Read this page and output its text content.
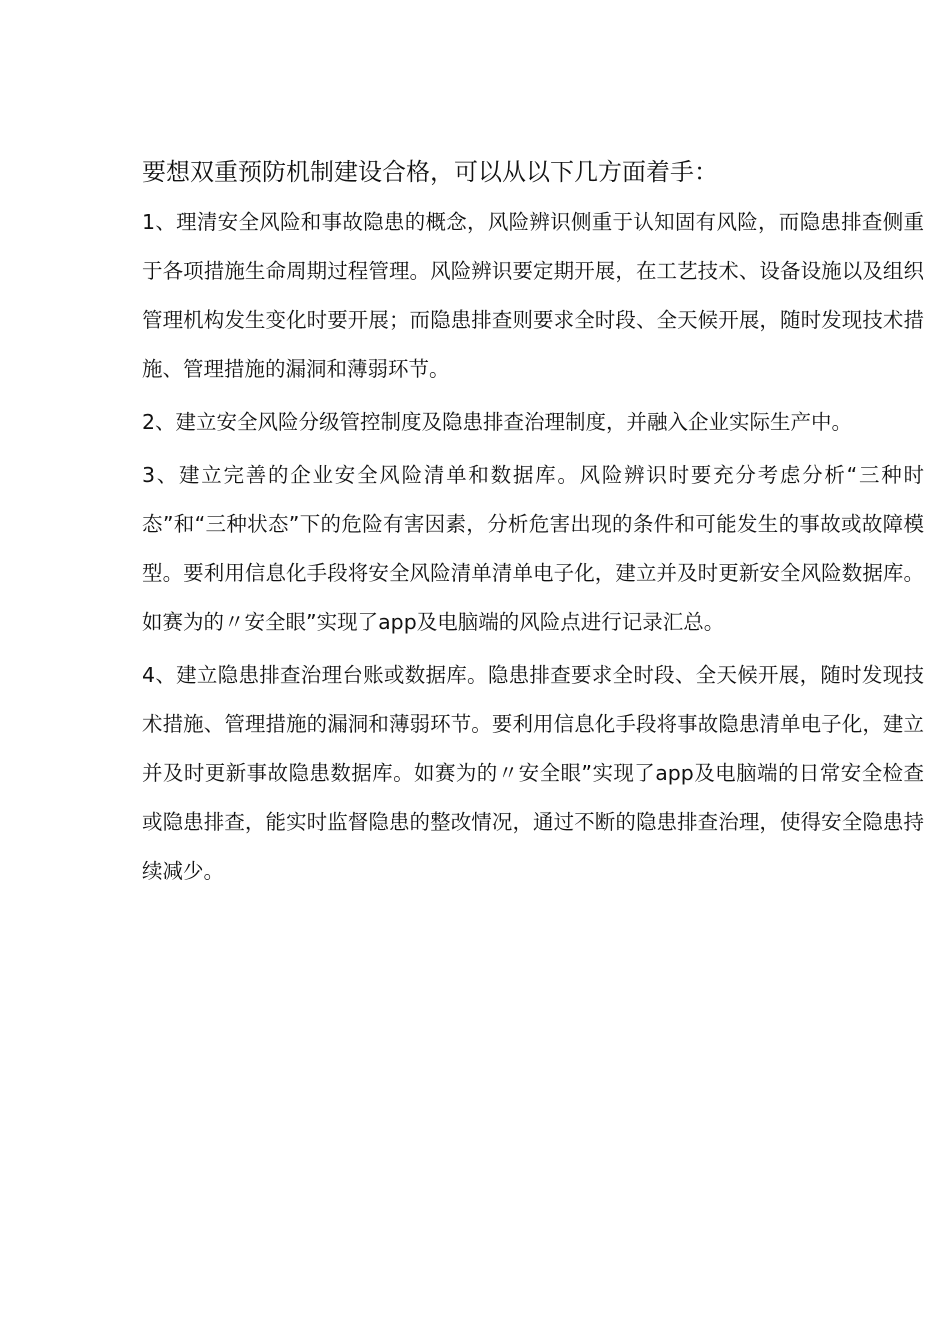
要想双重预防机制建设合格，可以从以下几方面着手：

1、理清安全风险和事故隐患的概念，风险辨识侧重于认知固有风险，而隐患排查侧重于各项措施生命周期过程管理。风险辨识要定期开展，在工艺技术、设备设施以及组织管理机构发生变化时要开展；而隐患排查则要求全时段、全天候开展，随时发现技术措施、管理措施的漏洞和薄弱环节。

2、建立安全风险分级管控制度及隐患排查治理制度，并融入企业实际生产中。

3、建立完善的企业安全风险清单和数据库。风险辨识时要充分考虑分析“三种时态”和“三种状态”下的危险有害因素，分析危害出现的条件和可能发生的事故或故障模型。要利用信息化手段将安全风险清单清单电子化，建立并及时更新安全风险数据库。如赛为的〃安全眼”实现了app及电脑端的风险点进行记录汇总。

4、建立隐患排查治理台账或数据库。隐患排查要求全时段、全天候开展，随时发现技术措施、管理措施的漏洞和薄弱环节。要利用信息化手段将事故隐患清单电子化，建立并及时更新事故隐患数据库。如赛为的〃安全眼”实现了app及电脑端的日常安全检查或隐患排查，能实时监督隐患的整改情况，通过不断的隐患排查治理，使得安全隐患持续减少。
